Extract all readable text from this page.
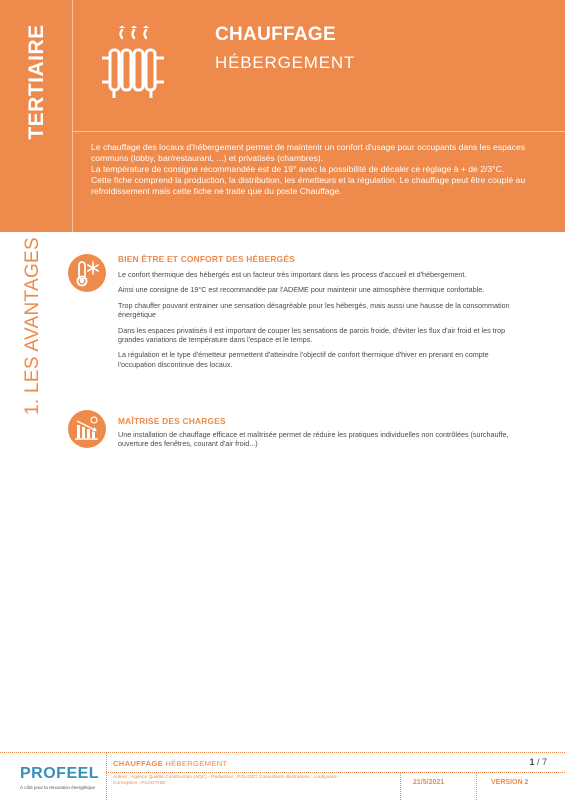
TERTIAIRE	CHAUFFAGE
HÉBERGEMENT

Le chauffage des locaux d'hébergement permet de maintenir un confort d'usage pour occupants dans les espaces communs (lobby, bar/restaurant, ...) et privatisés (chambres).

La température de consigne recommandée est de 19° avec la possibilité de décaler ce réglage à + de 2/3°C.

Cette fiche comprend la production, la distribution, les émetteurs et la régulation. Le chauffage peut être couplé au refroidissement mais cette fiche ne traite que du poste Chauffage.

1. LES AVANTAGES	BIEN ÊTRE ET CONFORT DES HÉBERGÉS

Le confort thermique des hébergés est un facteur très important dans les process d'accueil et d'hébergement.

Ainsi une consigne de 19°C est recommandée par l'ADEME pour maintenir une atmosphère thermique confortable.

Trop chauffer pouvant entrainer une sensation désagréable pour les hébergés, mais aussi une hausse de la consommation énergétique

Dans les espaces privatisés il est important de couper les sensations de parois froide, d'éviter les flux d'air froid et les trop grandes variations de température dans l'espace et le temps.

La régulation et le type d'émetteur permettent d'atteindre l'objectif de confort thermique d'hiver en prenant en compte l'occupation discontinue des locaux.

MAÎTRISE DES CHARGES

Une installation de chauffage efficace et maîtrisée permet de réduire les pratiques individuelles non contrôlées (surchauffe, ouverture des fenêtres, courant d'air froid...)

PROFEEL
À côté pour la rénovation énergétique
CHAUFFAGE HÉBERGEMENT	1 / 7
Auteur : Agence Qualité Construction (AQC) - Rédacteur : POUGET Consultants Illustrations : Loubyvans - Conception : PLOOTHIE	21/5/2021	VERSION 2
